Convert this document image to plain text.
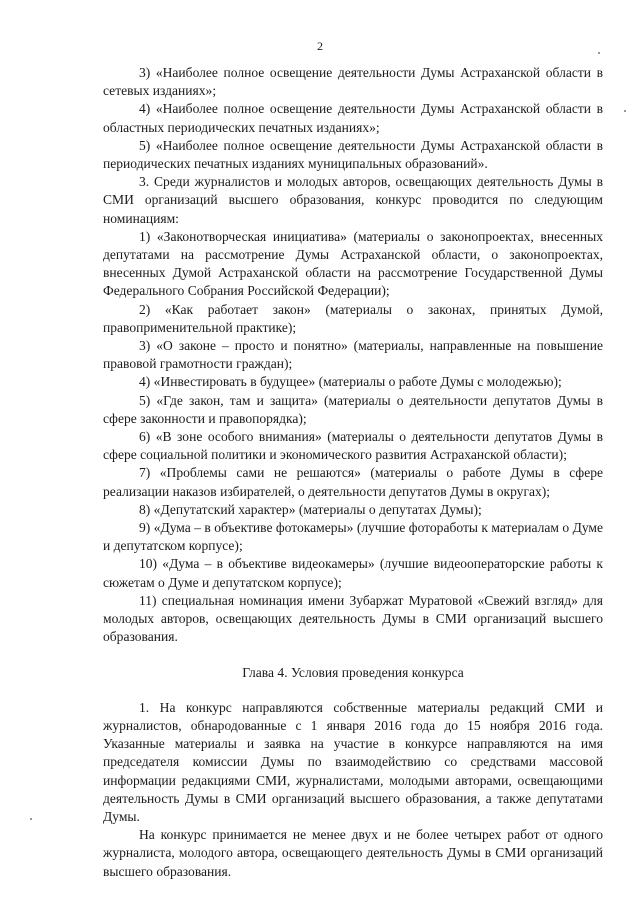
2

3) «Наиболее полное освещение деятельности Думы Астраханской области в сетевых изданиях»;

4) «Наиболее полное освещение деятельности Думы Астраханской области в областных периодических печатных изданиях»;

5) «Наиболее полное освещение деятельности Думы Астраханской области в периодических печатных изданиях муниципальных образований».

3. Среди журналистов и молодых авторов, освещающих деятельность Думы в СМИ организаций высшего образования, конкурс проводится по следующим номинациям:

1) «Законотворческая инициатива» (материалы о законопроектах, внесенных депутатами на рассмотрение Думы Астраханской области, о законопроектах, внесенных Думой Астраханской области на рассмотрение Государственной Думы Федерального Собрания Российской Федерации);

2) «Как работает закон» (материалы о законах, принятых Думой, правоприменительной практике);

3) «О законе – просто и понятно» (материалы, направленные на повышение правовой грамотности граждан);

4) «Инвестировать в будущее» (материалы о работе Думы с молодежью);

5) «Где закон, там и защита» (материалы о деятельности депутатов Думы в сфере законности и правопорядка);

6) «В зоне особого внимания» (материалы о деятельности депутатов Думы в сфере социальной политики и экономического развития Астраханской области);

7) «Проблемы сами не решаются» (материалы о работе Думы в сфере реализации наказов избирателей, о деятельности депутатов Думы в округах);

8) «Депутатский характер» (материалы о депутатах Думы);

9) «Дума – в объективе фотокамеры» (лучшие фоторaботы к материалам о Думе и депутатском корпусе);

10) «Дума – в объективе видеокамеры» (лучшие видеооператорские работы к сюжетам о Думе и депутатском корпусе);

11) специальная номинация имени Зубаржат Муратовой «Свежий взгляд» для молодых авторов, освещающих деятельность Думы в СМИ организаций высшего образования.

Глава 4. Условия проведения конкурса

1. На конкурс направляются собственные материалы редакций СМИ и журналистов, обнародованные с 1 января 2016 года до 15 ноября 2016 года. Указанные материалы и заявка на участие в конкурсе направляются на имя председателя комиссии Думы по взаимодействию со средствами массовой информации редакциями СМИ, журналистами, молодыми авторами, освещающими деятельность Думы в СМИ организаций высшего образования, а также депутатами Думы.

На конкурс принимается не менее двух и не более четырех работ от одного журналиста, молодого автора, освещающего деятельность Думы в СМИ организаций высшего образования.
